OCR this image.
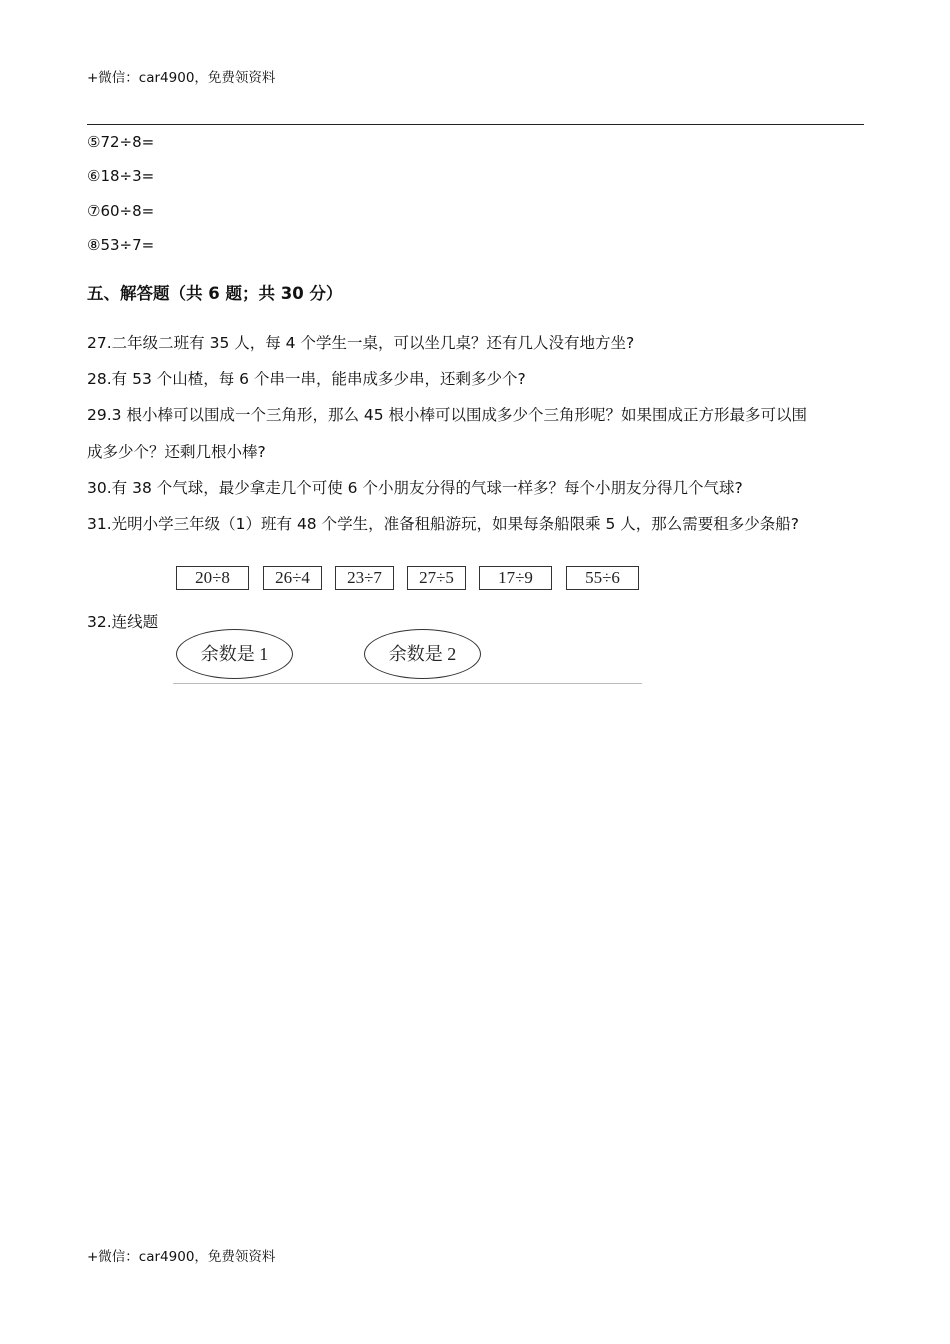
+微信：car4900，免费领资料
⑤72÷8=
⑥18÷3=
⑦60÷8=
⑧53÷7=
五、解答题（共 6 题；共 30 分）
27.二年级二班有 35 人，每 4 个学生一桌，可以坐几桌？还有几人没有地方坐?
28.有 53 个山楂，每 6 个串一串，能串成多少串，还剩多少个?
29.3 根小棒可以围成一个三角形，那么 45 根小棒可以围成多少个三角形呢？如果围成正方形最多可以围
成多少个？还剩几根小棒?
30.有 38 个气球，最少拿走几个可使 6 个小朋友分得的气球一样多？每个小朋友分得几个气球?
31.光明小学三年级（1）班有 48 个学生，准备租船游玩，如果每条船限乘 5 人，那么需要租多少条船?
20÷8	26÷4	23÷7	27÷5	17÷9	55÷6
32.连线题
余数是 1	余数是 2
+微信：car4900，免费领资料
